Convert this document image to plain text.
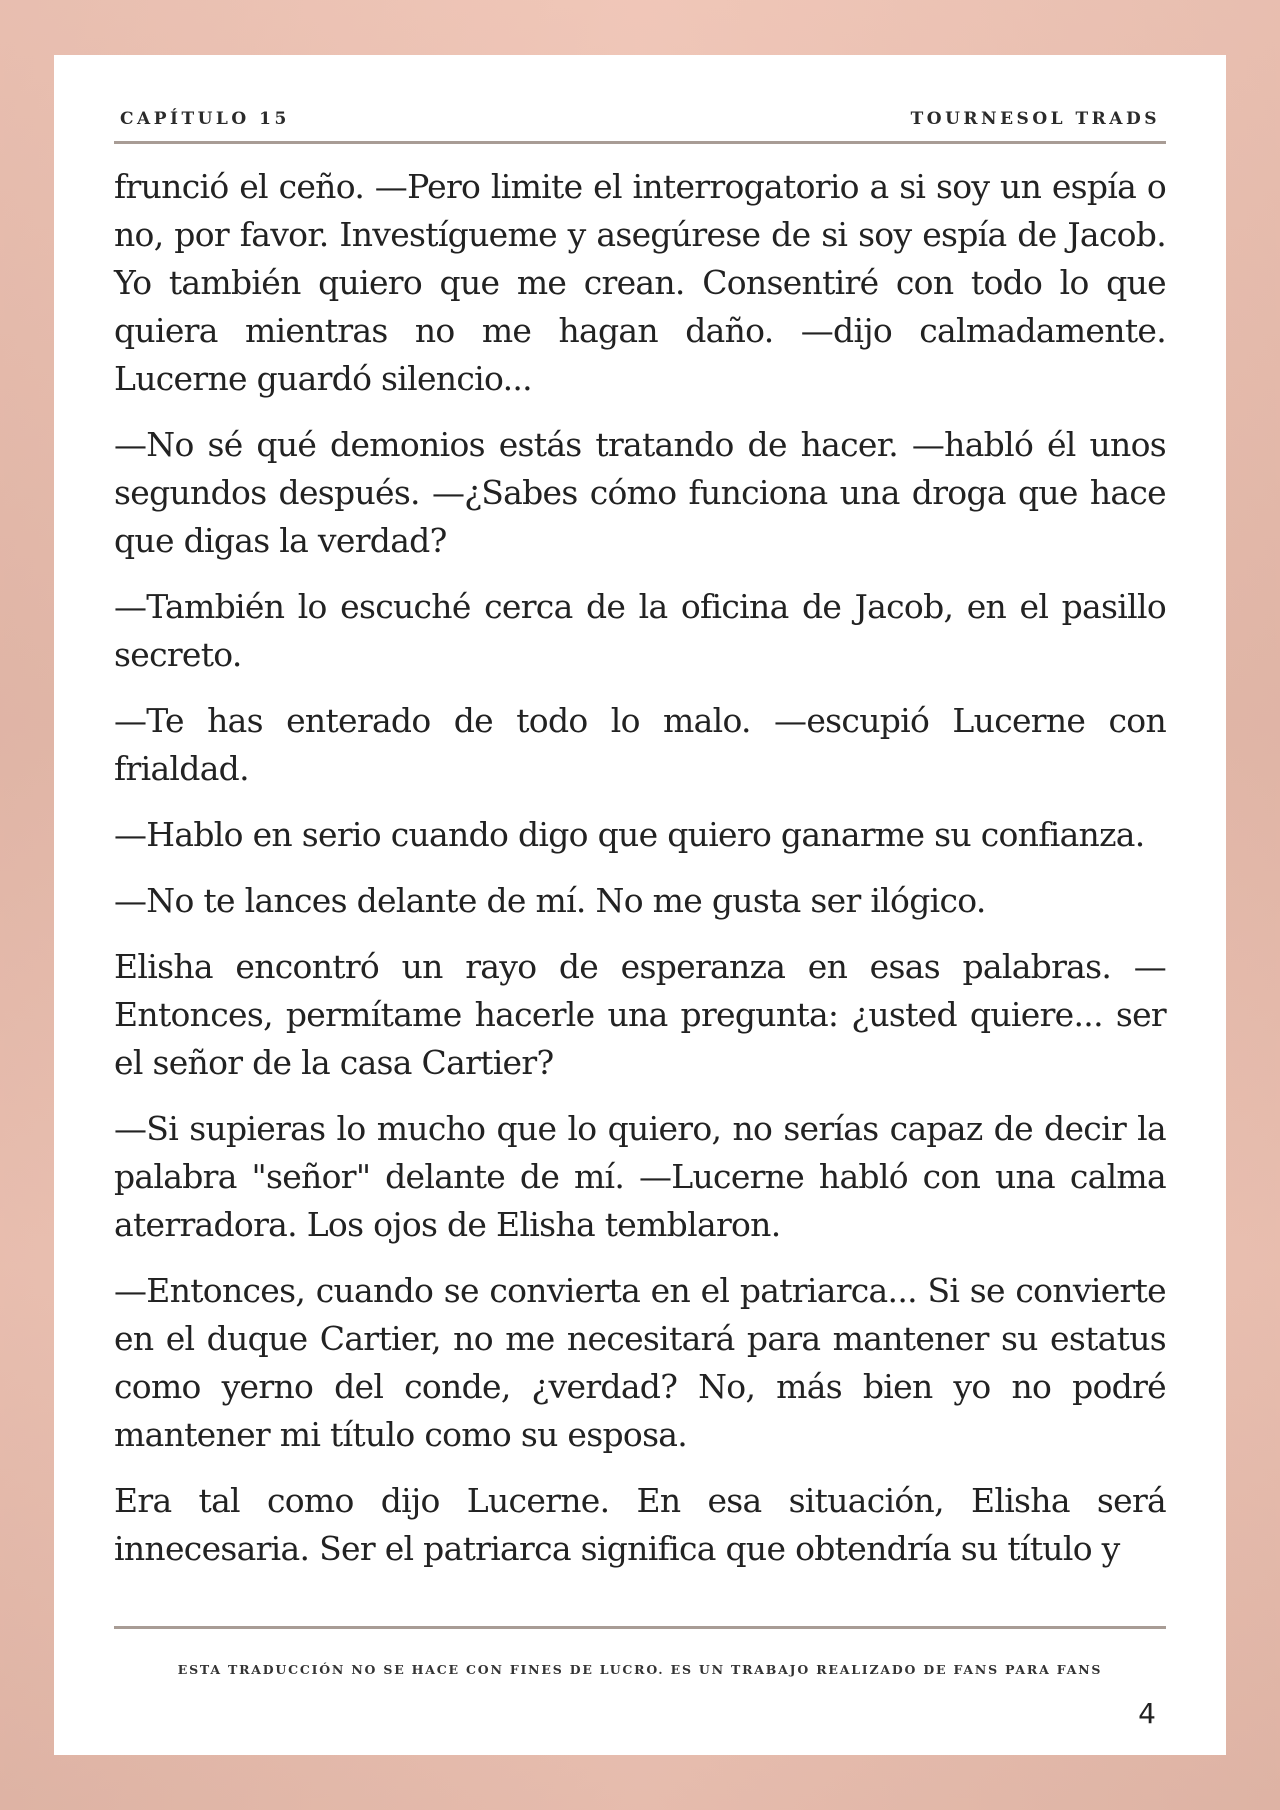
CAPÍTULO 15	TOURNESOL TRADS

frunció el ceño. —Pero limite el interrogatorio a si soy un espía o no, por favor. Investígueme y asegúrese de si soy espía de Jacob. Yo también quiero que me crean. Consentiré con todo lo que quiera mientras no me hagan daño. —dijo calmadamente. Lucerne guardó silencio...

—No sé qué demonios estás tratando de hacer. —habló él unos segundos después. —¿Sabes cómo funciona una droga que hace que digas la verdad?

—También lo escuché cerca de la oficina de Jacob, en el pasillo secreto.

—Te has enterado de todo lo malo. —escupió Lucerne con frialdad.

—Hablo en serio cuando digo que quiero ganarme su confianza.

—No te lances delante de mí. No me gusta ser ilógico.

Elisha encontró un rayo de esperanza en esas palabras. —Entonces, permítame hacerle una pregunta: ¿usted quiere... ser el señor de la casa Cartier?

—Si supieras lo mucho que lo quiero, no serías capaz de decir la palabra "señor" delante de mí. —Lucerne habló con una calma aterradora. Los ojos de Elisha temblaron.

—Entonces, cuando se convierta en el patriarca... Si se convierte en el duque Cartier, no me necesitará para mantener su estatus como yerno del conde, ¿verdad? No, más bien yo no podré mantener mi título como su esposa.

Era tal como dijo Lucerne. En esa situación, Elisha será innecesaria. Ser el patriarca significa que obtendría su título y

ESTA TRADUCCIÓN NO SE HACE CON FINES DE LUCRO. ES UN TRABAJO REALIZADO DE FANS PARA FANS
4
